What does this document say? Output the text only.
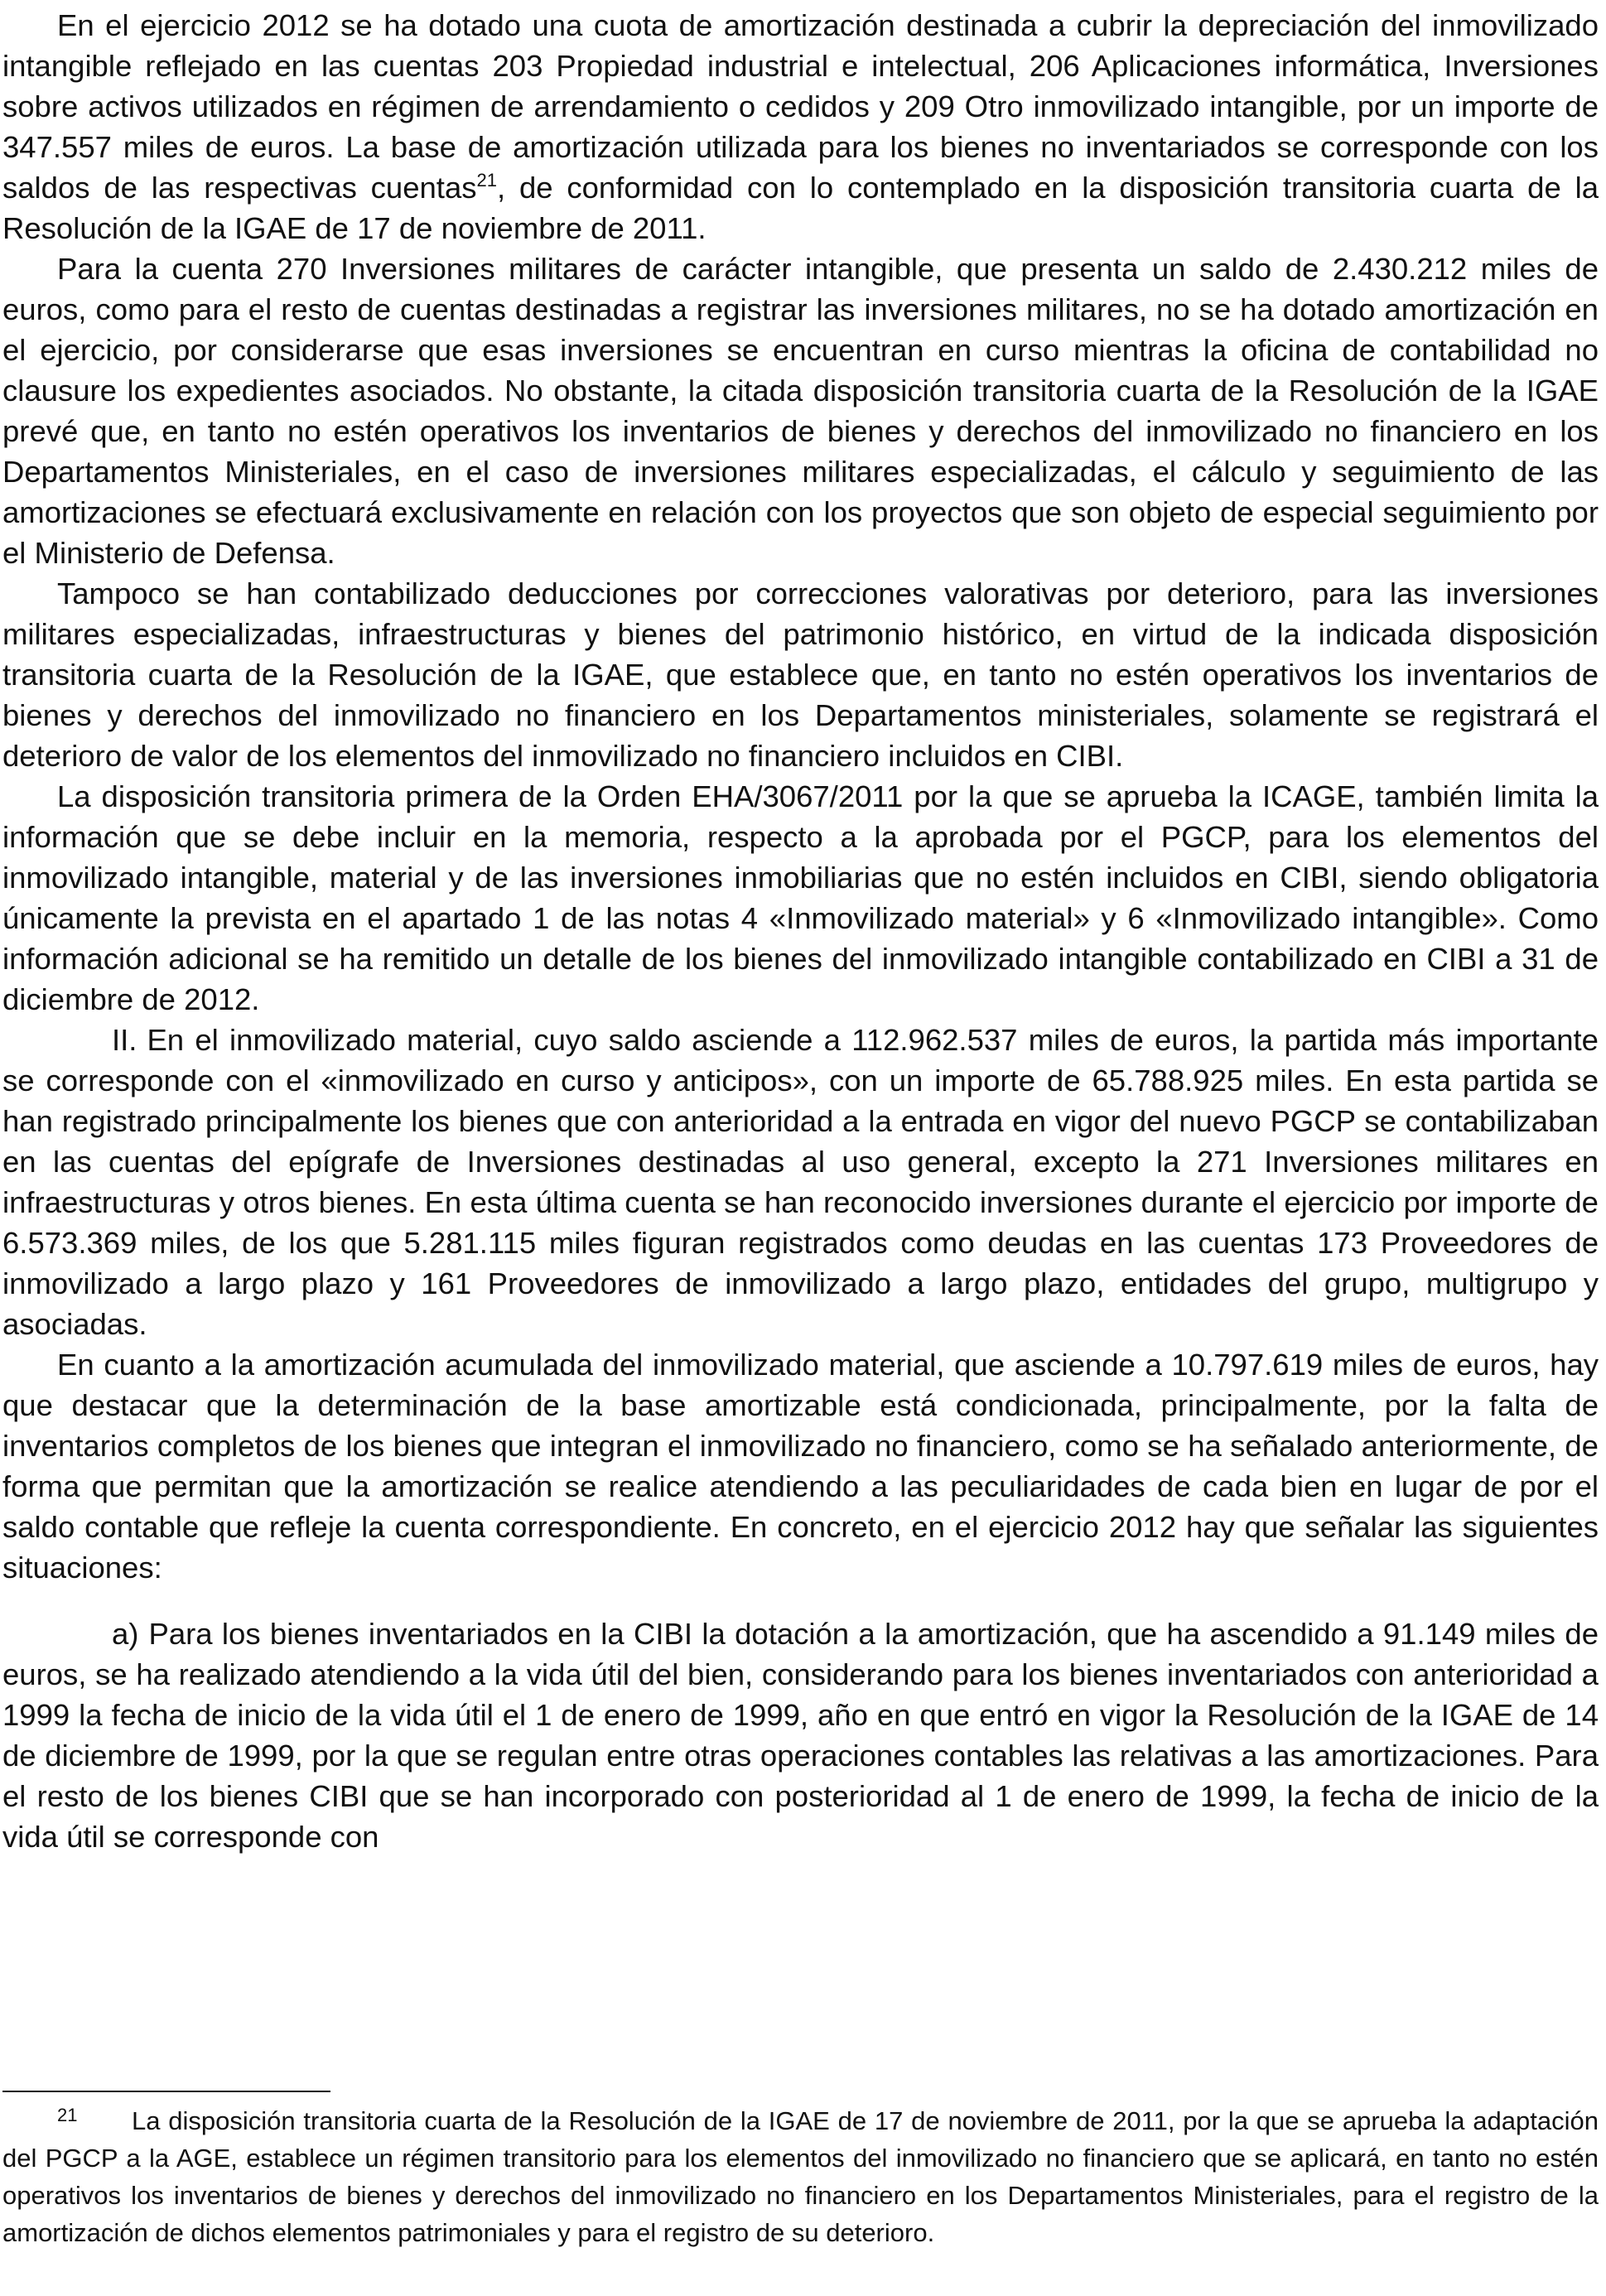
En el ejercicio 2012 se ha dotado una cuota de amortización destinada a cubrir la depreciación del inmovilizado intangible reflejado en las cuentas 203 Propiedad industrial e intelectual, 206 Aplicaciones informática, Inversiones sobre activos utilizados en régimen de arrendamiento o cedidos y 209 Otro inmovilizado intangible, por un importe de 347.557 miles de euros. La base de amortización utilizada para los bienes no inventariados se corresponde con los saldos de las respectivas cuentas$^{21}$, de conformidad con lo contemplado en la disposición transitoria cuarta de la Resolución de la IGAE de 17 de noviembre de 2011.

Para la cuenta 270 Inversiones militares de carácter intangible, que presenta un saldo de 2.430.212 miles de euros, como para el resto de cuentas destinadas a registrar las inversiones militares, no se ha dotado amortización en el ejercicio, por considerarse que esas inversiones se encuentran en curso mientras la oficina de contabilidad no clausure los expedientes asociados. No obstante, la citada disposición transitoria cuarta de la Resolución de la IGAE prevé que, en tanto no estén operativos los inventarios de bienes y derechos del inmovilizado no financiero en los Departamentos Ministeriales, en el caso de inversiones militares especializadas, el cálculo y seguimiento de las amortizaciones se efectuará exclusivamente en relación con los proyectos que son objeto de especial seguimiento por el Ministerio de Defensa.

Tampoco se han contabilizado deducciones por correcciones valorativas por deterioro, para las inversiones militares especializadas, infraestructuras y bienes del patrimonio histórico, en virtud de la indicada disposición transitoria cuarta de la Resolución de la IGAE, que establece que, en tanto no estén operativos los inventarios de bienes y derechos del inmovilizado no financiero en los Departamentos ministeriales, solamente se registrará el deterioro de valor de los elementos del inmovilizado no financiero incluidos en CIBI.

La disposición transitoria primera de la Orden EHA/3067/2011 por la que se aprueba la ICAGE, también limita la información que se debe incluir en la memoria, respecto a la aprobada por el PGCP, para los elementos del inmovilizado intangible, material y de las inversiones inmobiliarias que no estén incluidos en CIBI, siendo obligatoria únicamente la prevista en el apartado 1 de las notas 4 «Inmovilizado material» y 6 «Inmovilizado intangible». Como información adicional se ha remitido un detalle de los bienes del inmovilizado intangible contabilizado en CIBI a 31 de diciembre de 2012.

II. En el inmovilizado material, cuyo saldo asciende a 112.962.537 miles de euros, la partida más importante se corresponde con el «inmovilizado en curso y anticipos», con un importe de 65.788.925 miles. En esta partida se han registrado principalmente los bienes que con anterioridad a la entrada en vigor del nuevo PGCP se contabilizaban en las cuentas del epígrafe de Inversiones destinadas al uso general, excepto la 271 Inversiones militares en infraestructuras y otros bienes. En esta última cuenta se han reconocido inversiones durante el ejercicio por importe de 6.573.369 miles, de los que 5.281.115 miles figuran registrados como deudas en las cuentas 173 Proveedores de inmovilizado a largo plazo y 161 Proveedores de inmovilizado a largo plazo, entidades del grupo, multigrupo y asociadas.

En cuanto a la amortización acumulada del inmovilizado material, que asciende a 10.797.619 miles de euros, hay que destacar que la determinación de la base amortizable está condicionada, principalmente, por la falta de inventarios completos de los bienes que integran el inmovilizado no financiero, como se ha señalado anteriormente, de forma que permitan que la amortización se realice atendiendo a las peculiaridades de cada bien en lugar de por el saldo contable que refleje la cuenta correspondiente. En concreto, en el ejercicio 2012 hay que señalar las siguientes situaciones:

a) Para los bienes inventariados en la CIBI la dotación a la amortización, que ha ascendido a 91.149 miles de euros, se ha realizado atendiendo a la vida útil del bien, considerando para los bienes inventariados con anterioridad a 1999 la fecha de inicio de la vida útil el 1 de enero de 1999, año en que entró en vigor la Resolución de la IGAE de 14 de diciembre de 1999, por la que se regulan entre otras operaciones contables las relativas a las amortizaciones. Para el resto de los bienes CIBI que se han incorporado con posterioridad al 1 de enero de 1999, la fecha de inicio de la vida útil se corresponde con

21 La disposición transitoria cuarta de la Resolución de la IGAE de 17 de noviembre de 2011, por la que se aprueba la adaptación del PGCP a la AGE, establece un régimen transitorio para los elementos del inmovilizado no financiero que se aplicará, en tanto no estén operativos los inventarios de bienes y derechos del inmovilizado no financiero en los Departamentos Ministeriales, para el registro de la amortización de dichos elementos patrimoniales y para el registro de su deterioro.
